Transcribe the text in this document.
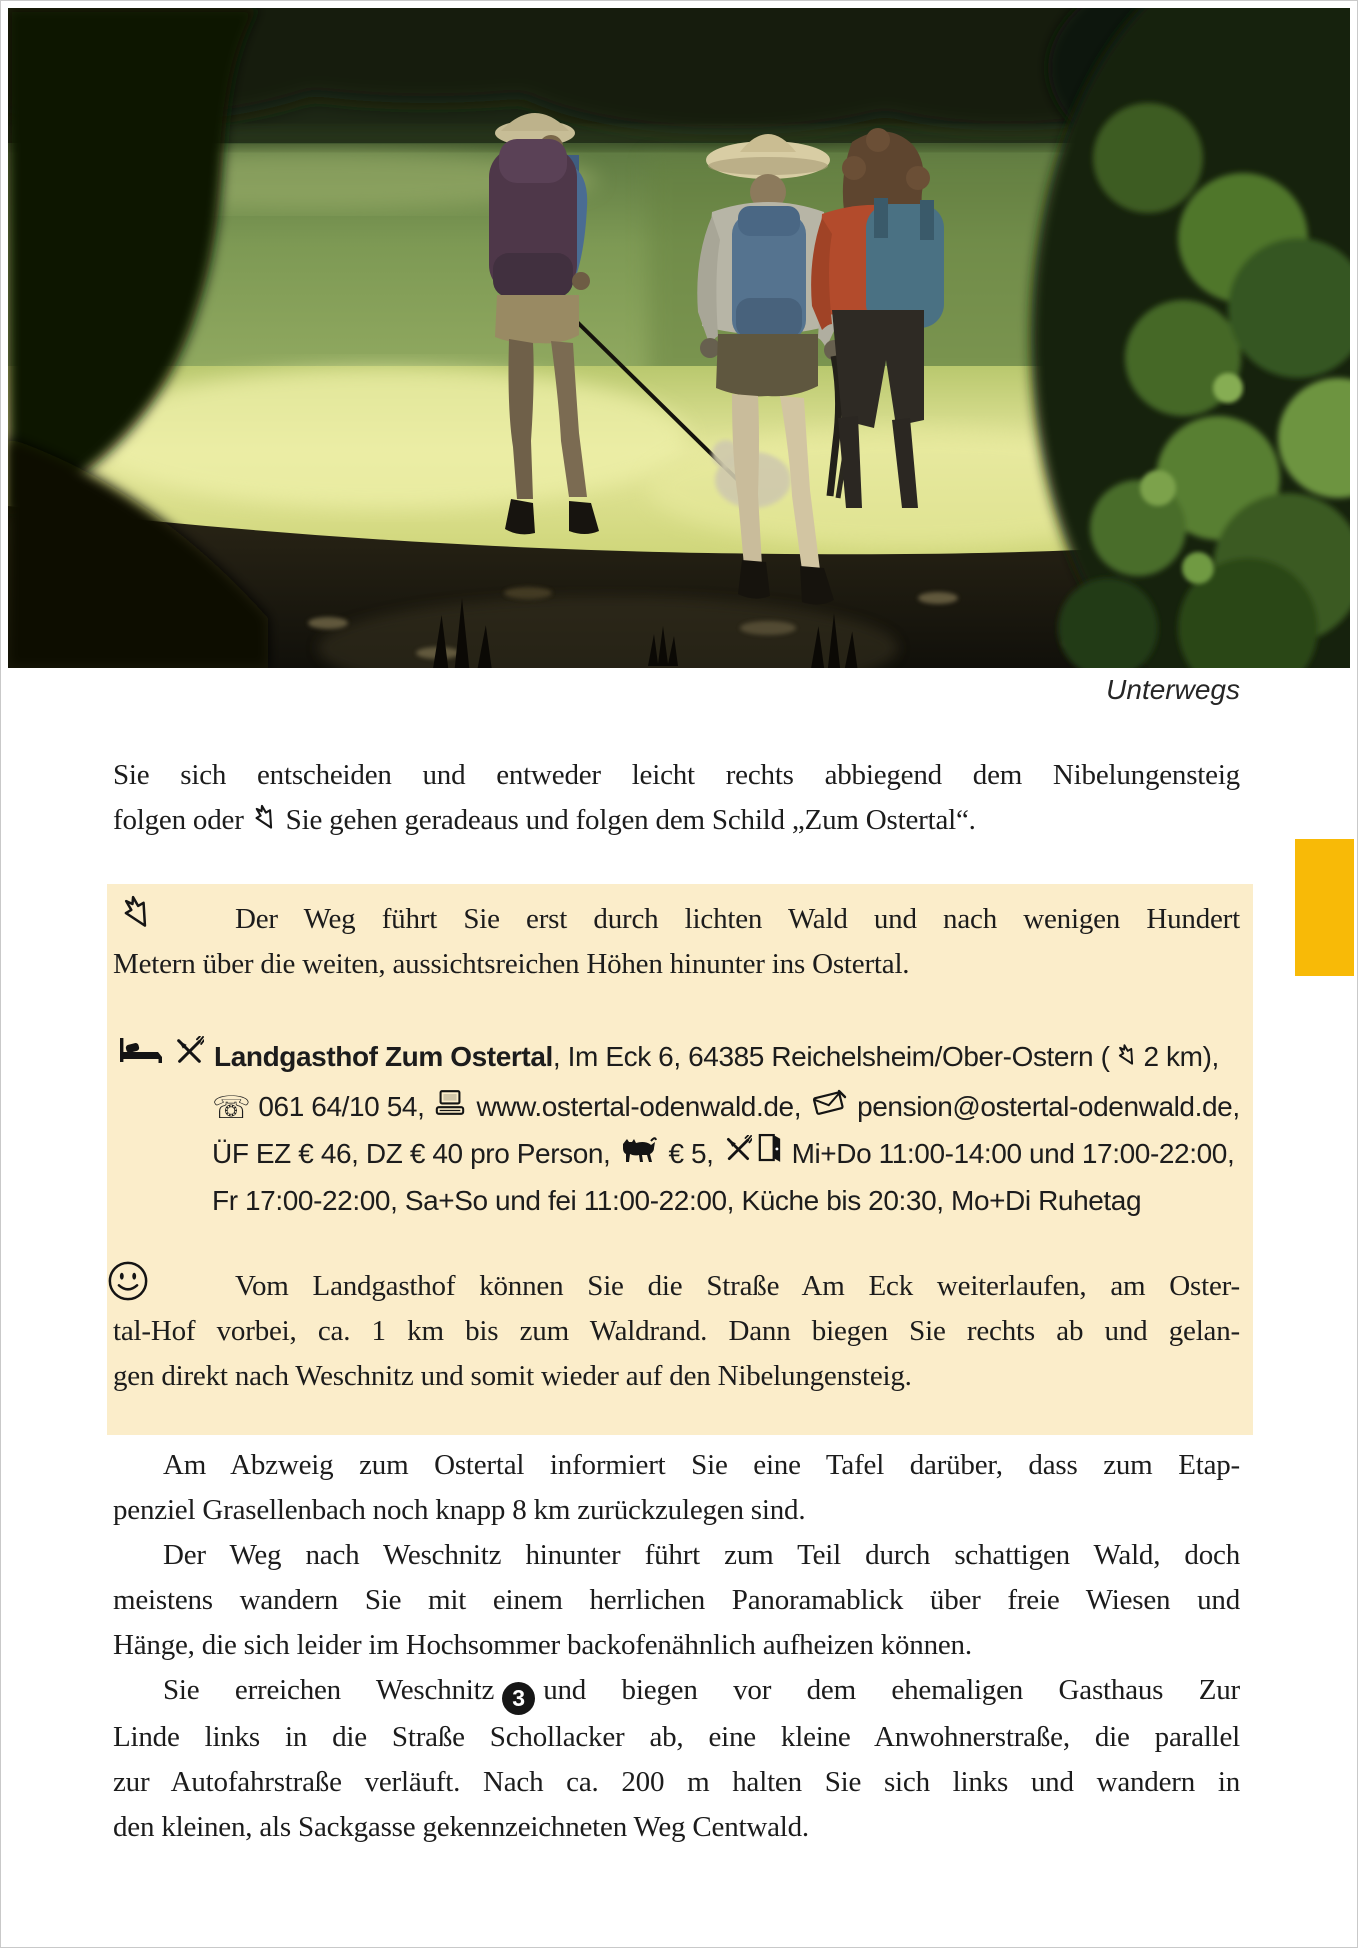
Unterwegs
Sie sich entscheiden und entweder leicht rechts abbiegend dem Nibelungensteig
folgen oder Sie gehen geradeaus und folgen dem Schild „Zum Ostertal“.
Der Weg führt Sie erst durch lichten Wald und nach wenigen Hundert
Metern über die weiten, aussichtsreichen Höhen hinunter ins Ostertal.
Landgasthof Zum Ostertal, Im Eck 6, 64385 Reichelsheim/Ober-Ostern ( 2 km),
☏ 061 64/10 54, www.ostertal-odenwald.de, pension@ostertal-odenwald.de,
ÜF EZ € 46, DZ € 40 pro Person, € 5,	Mi+Do 11:00-14:00 und 17:00-22:00,
Fr 17:00-22:00, Sa+So und fei 11:00-22:00, Küche bis 20:30, Mo+Di Ruhetag
Vom Landgasthof können Sie die Straße Am Eck weiterlaufen, am Oster-
tal-Hof vorbei, ca. 1 km bis zum Waldrand. Dann biegen Sie rechts ab und gelan-
gen direkt nach Weschnitz und somit wieder auf den Nibelungensteig.
Am Abzweig zum Ostertal informiert Sie eine Tafel darüber, dass zum Etap-
penziel Grasellenbach noch knapp 8 km zurückzulegen sind.
Der Weg nach Weschnitz hinunter führt zum Teil durch schattigen Wald, doch
meistens wandern Sie mit einem herrlichen Panoramablick über freie Wiesen und
Hänge, die sich leider im Hochsommer backofenähnlich aufheizen können.
Sie erreichen Weschnitz 3 und biegen vor dem ehemaligen Gasthaus Zur
Linde links in die Straße Schollacker ab, eine kleine Anwohnerstraße, die parallel
zur Autofahrstraße verläuft. Nach ca. 200 m halten Sie sich links und wandern in
den kleinen, als Sackgasse gekennzeichneten Weg Centwald.
